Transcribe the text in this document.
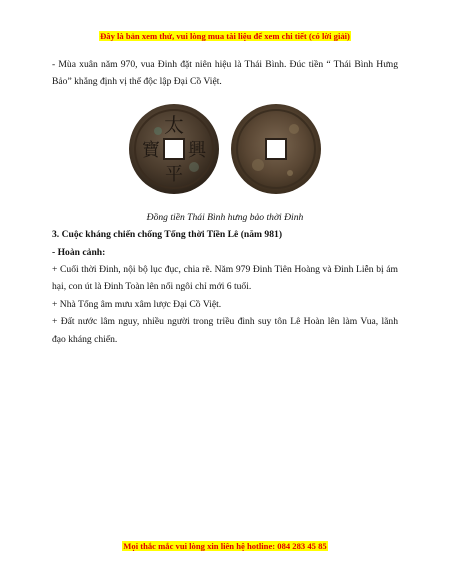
Đây là bản xem thử, vui lòng mua tài liệu để xem chi tiết (có lời giải)

- Mùa xuân năm 970, vua Đinh đặt niên hiệu là Thái Bình. Đúc tiền “ Thái Bình Hưng Bảo” khẳng định vị thế độc lập Đại Cồ Việt.

太
興
平
寶

Đồng tiền Thái Bình hưng bảo thời Đinh

3. Cuộc kháng chiến chống Tống thời Tiền Lê (năm 981)

- Hoàn cảnh:

+ Cuối thời Đinh, nội bộ lục đục, chia rẽ. Năm 979 Đinh Tiên Hoàng và Đinh Liễn bị ám hại, con út là Đinh Toàn lên nối ngôi chỉ mới 6 tuổi.

+ Nhà Tống âm mưu xâm lược Đại Cồ Việt.

+ Đất nước lâm nguy, nhiều người trong triều đình suy tôn Lê Hoàn lên làm Vua, lãnh đạo kháng chiến.

Mọi thắc mắc vui lòng xin liên hệ hotline: 084 283 45 85
